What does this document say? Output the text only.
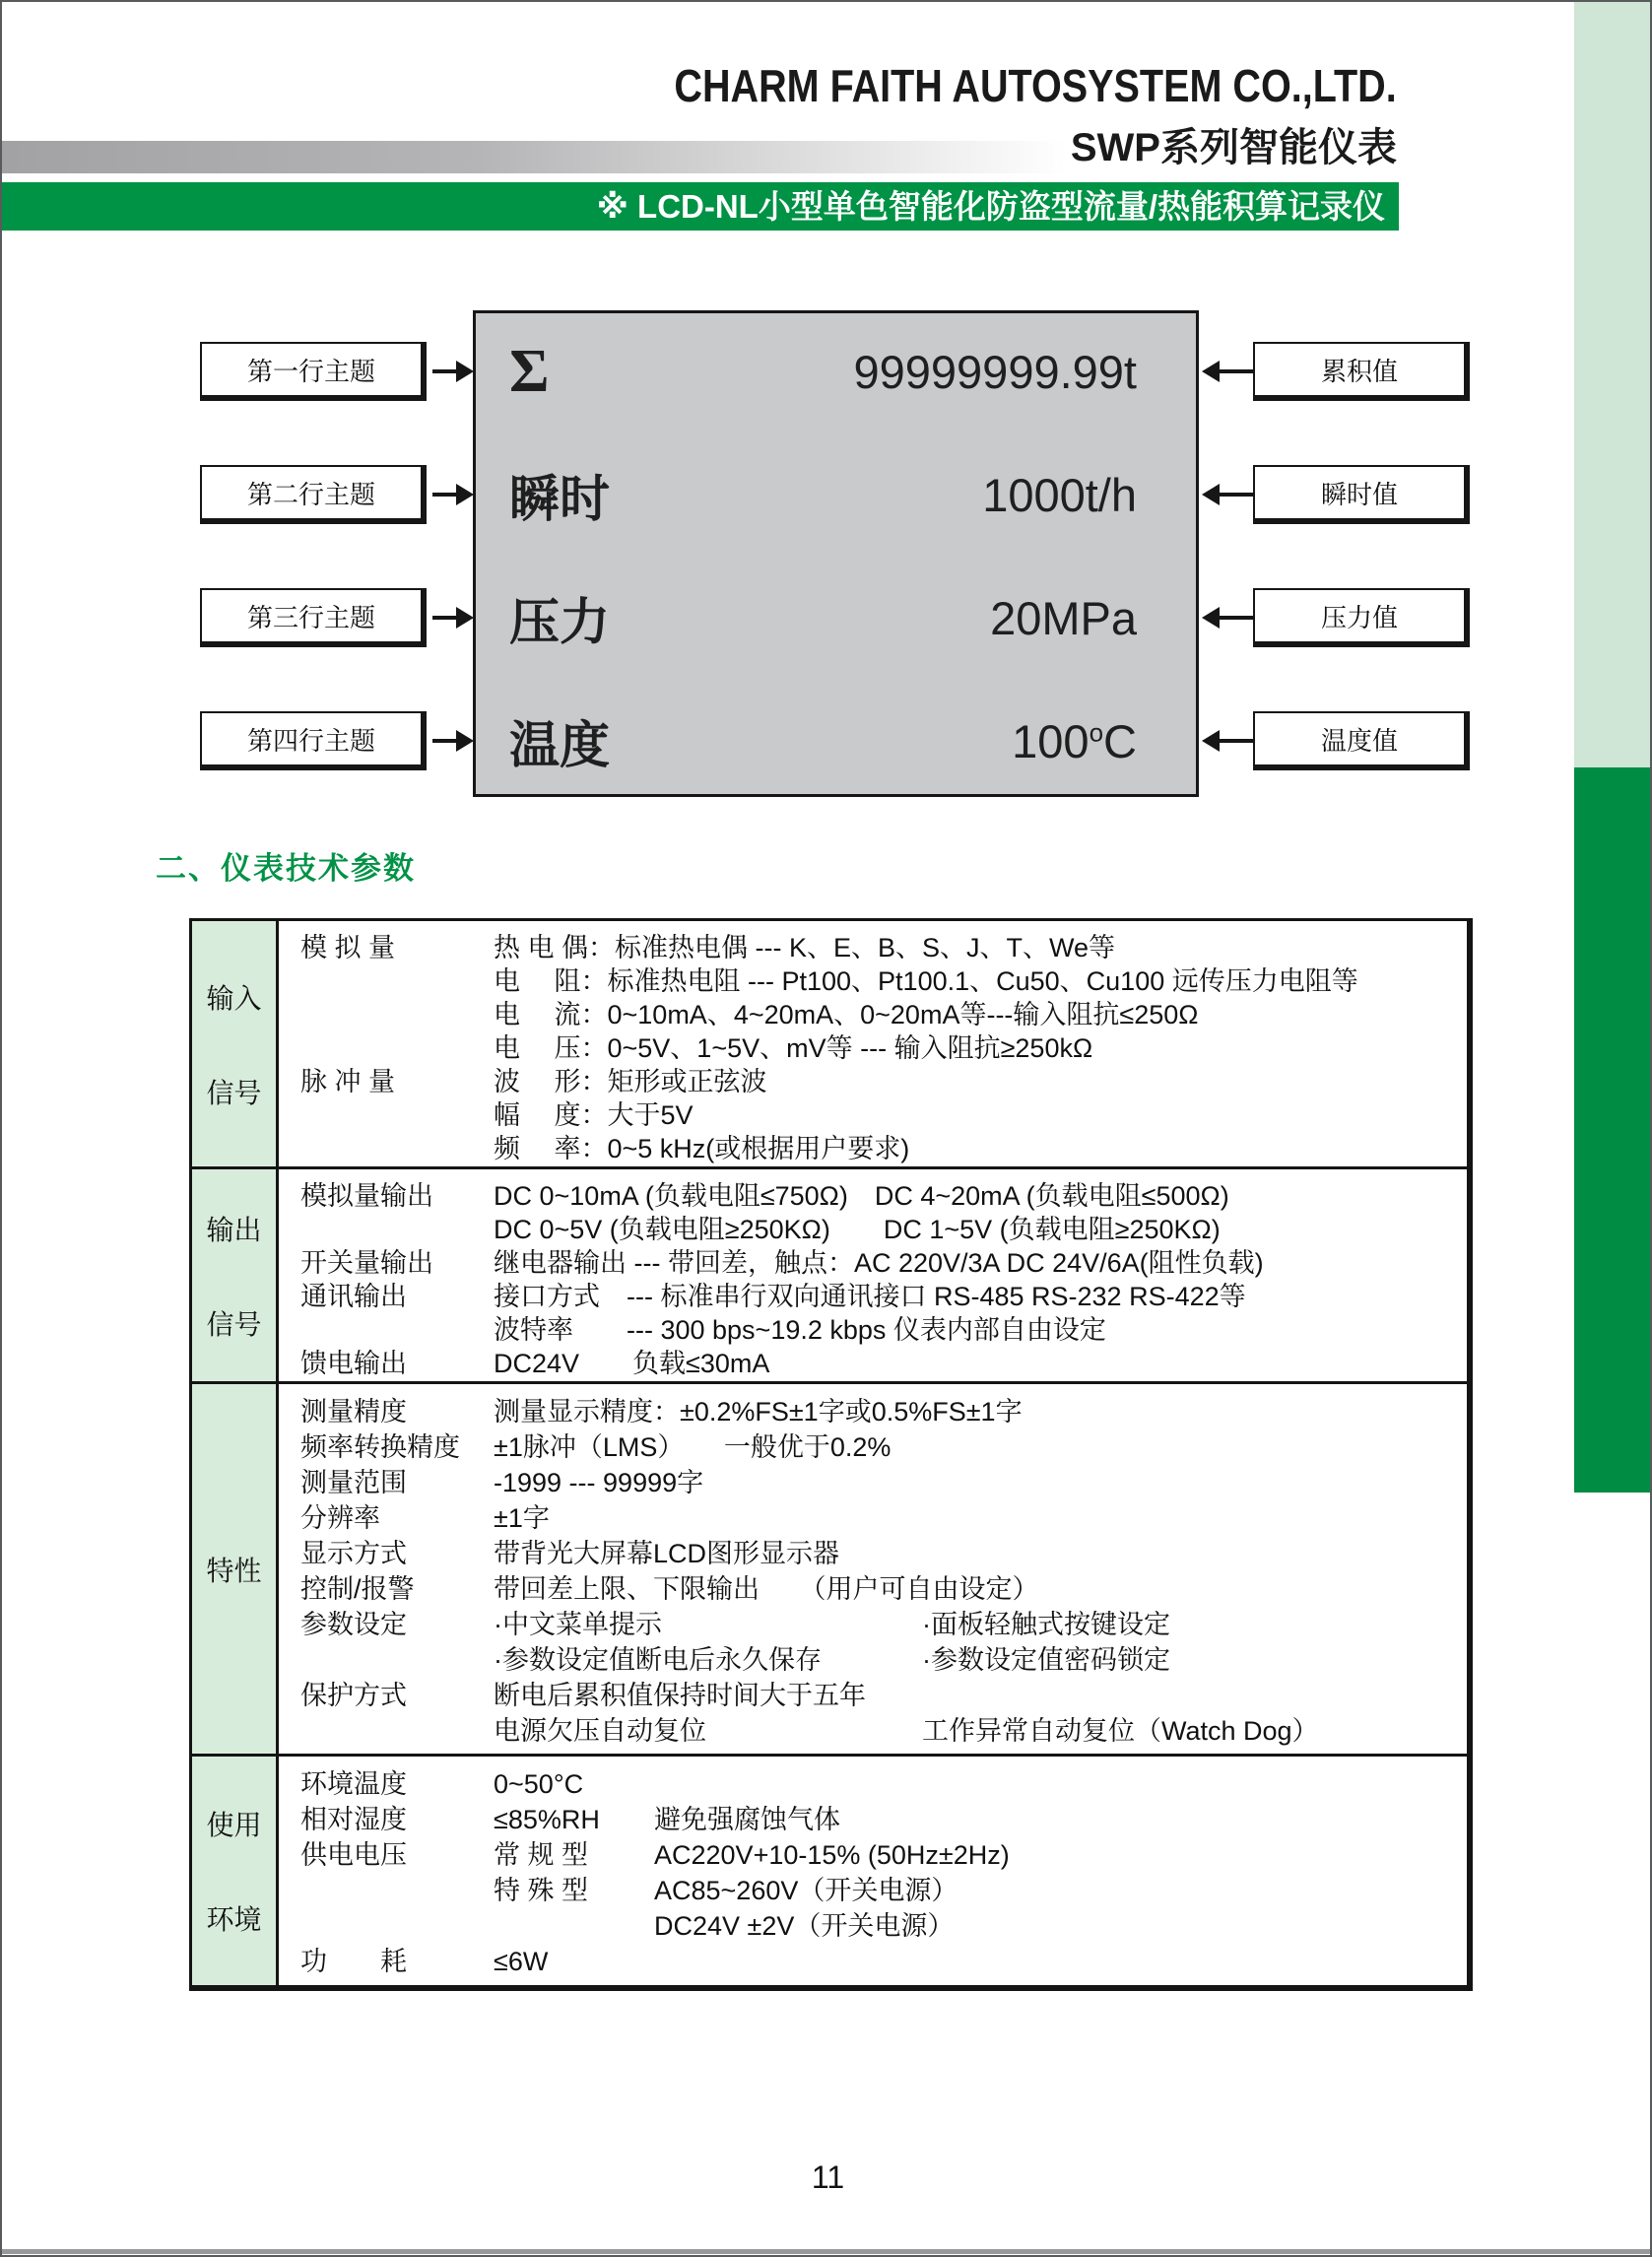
CHARM FAITH AUTOSYSTEM CO.,LTD.
SWP系列智能仪表
※ LCD-NL小型单色智能化防盗型流量/热能积算记录仪
Σ	99999999.99t
瞬时	1000t/h
压力	20MPa
温度	100$^o$C
第一行主题
第二行主题
第三行主题
第四行主题
累积值
瞬时值
压力值
温度值
二、仪表技术参数
输入
信号
模 拟 量	热 电 偶：标准热电偶 --- K、E、B、S、J、T、We等
电　 阻：标准热电阻 --- Pt100、Pt100.1、Cu50、Cu100 远传压力电阻等
电　 流：0~10mA、4~20mA、0~20mA等---输入阻抗≤250Ω
电　 压：0~5V、1~5V、mV等 --- 输入阻抗≥250kΩ
脉 冲 量	波　 形：矩形或正弦波
幅　 度：大于5V
频　 率：0~5 kHz(或根据用户要求)
输出
信号
模拟量输出	DC 0~10mA (负载电阻≤750Ω)　DC 4~20mA (负载电阻≤500Ω)
DC 0~5V (负载电阻≥250KΩ)　　DC 1~5V (负载电阻≥250KΩ)
开关量输出	继电器输出 --- 带回差，触点：AC 220V/3A DC 24V/6A(阻性负载)
通讯输出	接口方式　--- 标准串行双向通讯接口 RS-485 RS-232 RS-422等
波特率　　--- 300 bps~19.2 kbps 仪表内部自由设定
馈电输出	DC24V　　负载≤30mA
特性
测量精度	测量显示精度：±0.2%FS±1字或0.5%FS±1字
频率转换精度	±1脉冲（LMS）　　一般优于0.2%
测量范围	-1999 --- 99999字
分辨率	±1字
显示方式	带背光大屏幕LCD图形显示器
控制/报警	带回差上限、下限输出　　（用户可自由设定）
参数设定	·中文菜单提示	·面板轻触式按键设定
·参数设定值断电后永久保存	·参数设定值密码锁定
保护方式	断电后累积值保持时间大于五年
电源欠压自动复位	工作异常自动复位（Watch Dog）
使用
环境
环境温度	0~50°C
相对湿度	≤85%RH	避免强腐蚀气体
供电电压	常 规 型	AC220V+10-15% (50Hz±2Hz)
特 殊 型	AC85~260V（开关电源）
DC24V ±2V（开关电源）
功　　耗	≤6W
11
